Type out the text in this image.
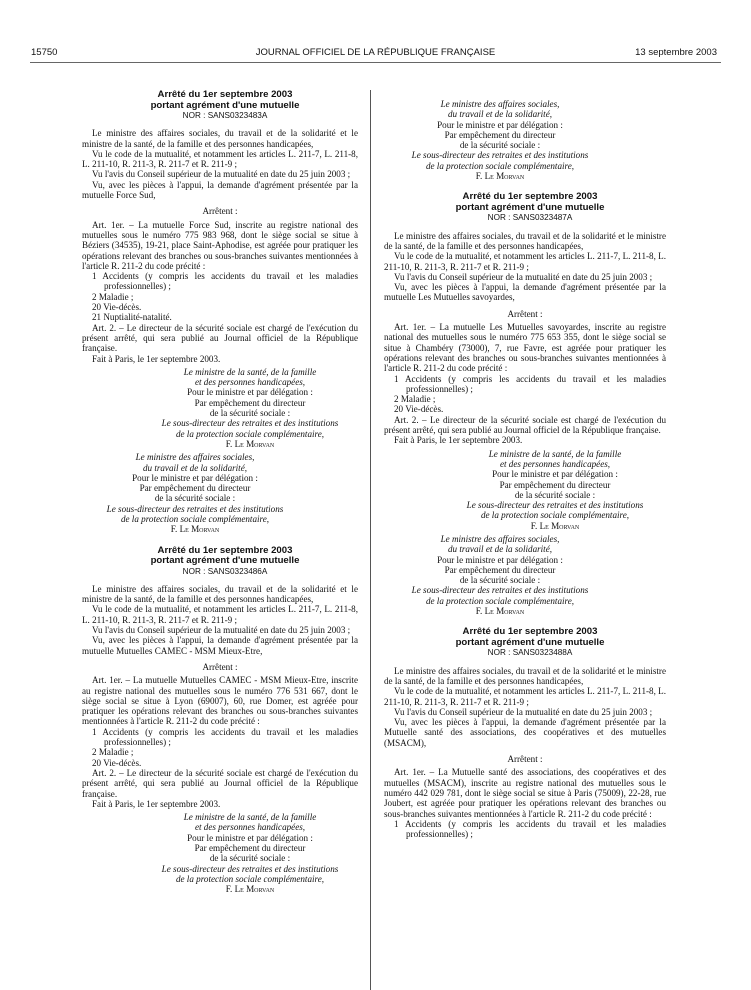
15750	JOURNAL OFFICIEL DE LA RÉPUBLIQUE FRANÇAISE	13 septembre 2003

Arrêté du 1er septembre 2003

portant agrément d'une mutuelle

NOR : SANS0323483A

Le ministre des affaires sociales, du travail et de la solidarité et le ministre de la santé, de la famille et des personnes handicapées,

Vu le code de la mutualité, et notamment les articles L. 211-7, L. 211-8, L. 211-10, R. 211-3, R. 211-7 et R. 211-9 ;

Vu l'avis du Conseil supérieur de la mutualité en date du 25 juin 2003 ;

Vu, avec les pièces à l'appui, la demande d'agrément présentée par la mutuelle Force Sud,

Arrêtent :

Art. 1er. – La mutuelle Force Sud, inscrite au registre national des mutuelles sous le numéro 775 983 968, dont le siège social se situe à Béziers (34535), 19-21, place Saint-Aphodise, est agréée pour pratiquer les opérations relevant des branches ou sous-branches suivantes mentionnées à l'article R. 211-2 du code précité :

1 Accidents (y compris les accidents du travail et les maladies professionnelles) ;

2 Maladie ;

20 Vie-décès.

21 Nuptialité-natalité.

Art. 2. – Le directeur de la sécurité sociale est chargé de l'exécution du présent arrêté, qui sera publié au Journal officiel de la République française.

Fait à Paris, le 1er septembre 2003.

Le ministre de la santé, de la famille

et des personnes handicapées,

Pour le ministre et par délégation :

Par empêchement du directeur

de la sécurité sociale :

Le sous-directeur des retraites et des institutions

de la protection sociale complémentaire,

F. Le Morvan

Le ministre des affaires sociales,

du travail et de la solidarité,

Pour le ministre et par délégation :

Par empêchement du directeur

de la sécurité sociale :

Le sous-directeur des retraites et des institutions

de la protection sociale complémentaire,

F. Le Morvan

Arrêté du 1er septembre 2003

portant agrément d'une mutuelle

NOR : SANS0323486A

Le ministre des affaires sociales, du travail et de la solidarité et le ministre de la santé, de la famille et des personnes handicapées,

Vu le code de la mutualité, et notamment les articles L. 211-7, L. 211-8, L. 211-10, R. 211-3, R. 211-7 et R. 211-9 ;

Vu l'avis du Conseil supérieur de la mutualité en date du 25 juin 2003 ;

Vu, avec les pièces à l'appui, la demande d'agrément présentée par la mutuelle Mutuelles CAMEC - MSM Mieux-Etre,

Arrêtent :

Art. 1er. – La mutuelle Mutuelles CAMEC - MSM Mieux-Etre, inscrite au registre national des mutuelles sous le numéro 776 531 667, dont le siège social se situe à Lyon (69007), 60, rue Domer, est agréée pour pratiquer les opérations relevant des branches ou sous-branches suivantes mentionnées à l'article R. 211-2 du code précité :

1 Accidents (y compris les accidents du travail et les maladies professionnelles) ;

2 Maladie ;

20 Vie-décès.

Art. 2. – Le directeur de la sécurité sociale est chargé de l'exécution du présent arrêté, qui sera publié au Journal officiel de la République française.

Fait à Paris, le 1er septembre 2003.

Le ministre de la santé, de la famille

et des personnes handicapées,

Pour le ministre et par délégation :

Par empêchement du directeur

de la sécurité sociale :

Le sous-directeur des retraites et des institutions

de la protection sociale complémentaire,

F. Le Morvan

Le ministre des affaires sociales,

du travail et de la solidarité,

Pour le ministre et par délégation :

Par empêchement du directeur

de la sécurité sociale :

Le sous-directeur des retraites et des institutions

de la protection sociale complémentaire,

F. Le Morvan

Arrêté du 1er septembre 2003

portant agrément d'une mutuelle

NOR : SANS0323487A

Le ministre des affaires sociales, du travail et de la solidarité et le ministre de la santé, de la famille et des personnes handicapées,

Vu le code de la mutualité, et notamment les articles L. 211-7, L. 211-8, L. 211-10, R. 211-3, R. 211-7 et R. 211-9 ;

Vu l'avis du Conseil supérieur de la mutualité en date du 25 juin 2003 ;

Vu, avec les pièces à l'appui, la demande d'agrément présentée par la mutuelle Les Mutuelles savoyardes,

Arrêtent :

Art. 1er. – La mutuelle Les Mutuelles savoyardes, inscrite au registre national des mutuelles sous le numéro 775 653 355, dont le siège social se situe à Chambéry (73000), 7, rue Favre, est agréée pour pratiquer les opérations relevant des branches ou sous-branches suivantes mentionnées à l'article R. 211-2 du code précité :

1 Accidents (y compris les accidents du travail et les maladies professionnelles) ;

2 Maladie ;

20 Vie-décès.

Art. 2. – Le directeur de la sécurité sociale est chargé de l'exécution du présent arrêté, qui sera publié au Journal officiel de la République française.

Fait à Paris, le 1er septembre 2003.

Le ministre de la santé, de la famille

et des personnes handicapées,

Pour le ministre et par délégation :

Par empêchement du directeur

de la sécurité sociale :

Le sous-directeur des retraites et des institutions

de la protection sociale complémentaire,

F. Le Morvan

Le ministre des affaires sociales,

du travail et de la solidarité,

Pour le ministre et par délégation :

Par empêchement du directeur

de la sécurité sociale :

Le sous-directeur des retraites et des institutions

de la protection sociale complémentaire,

F. Le Morvan

Arrêté du 1er septembre 2003

portant agrément d'une mutuelle

NOR : SANS0323488A

Le ministre des affaires sociales, du travail et de la solidarité et le ministre de la santé, de la famille et des personnes handicapées,

Vu le code de la mutualité, et notamment les articles L. 211-7, L. 211-8, L. 211-10, R. 211-3, R. 211-7 et R. 211-9 ;

Vu l'avis du Conseil supérieur de la mutualité en date du 25 juin 2003 ;

Vu, avec les pièces à l'appui, la demande d'agrément présentée par la Mutuelle santé des associations, des coopératives et des mutuelles (MSACM),

Arrêtent :

Art. 1er. – La Mutuelle santé des associations, des coopératives et des mutuelles (MSACM), inscrite au registre national des mutuelles sous le numéro 442 029 781, dont le siège social se situe à Paris (75009), 22-28, rue Joubert, est agréée pour pratiquer les opérations relevant des branches ou sous-branches suivantes mentionnées à l'article R. 211-2 du code précité :

1 Accidents (y compris les accidents du travail et les maladies professionnelles) ;
